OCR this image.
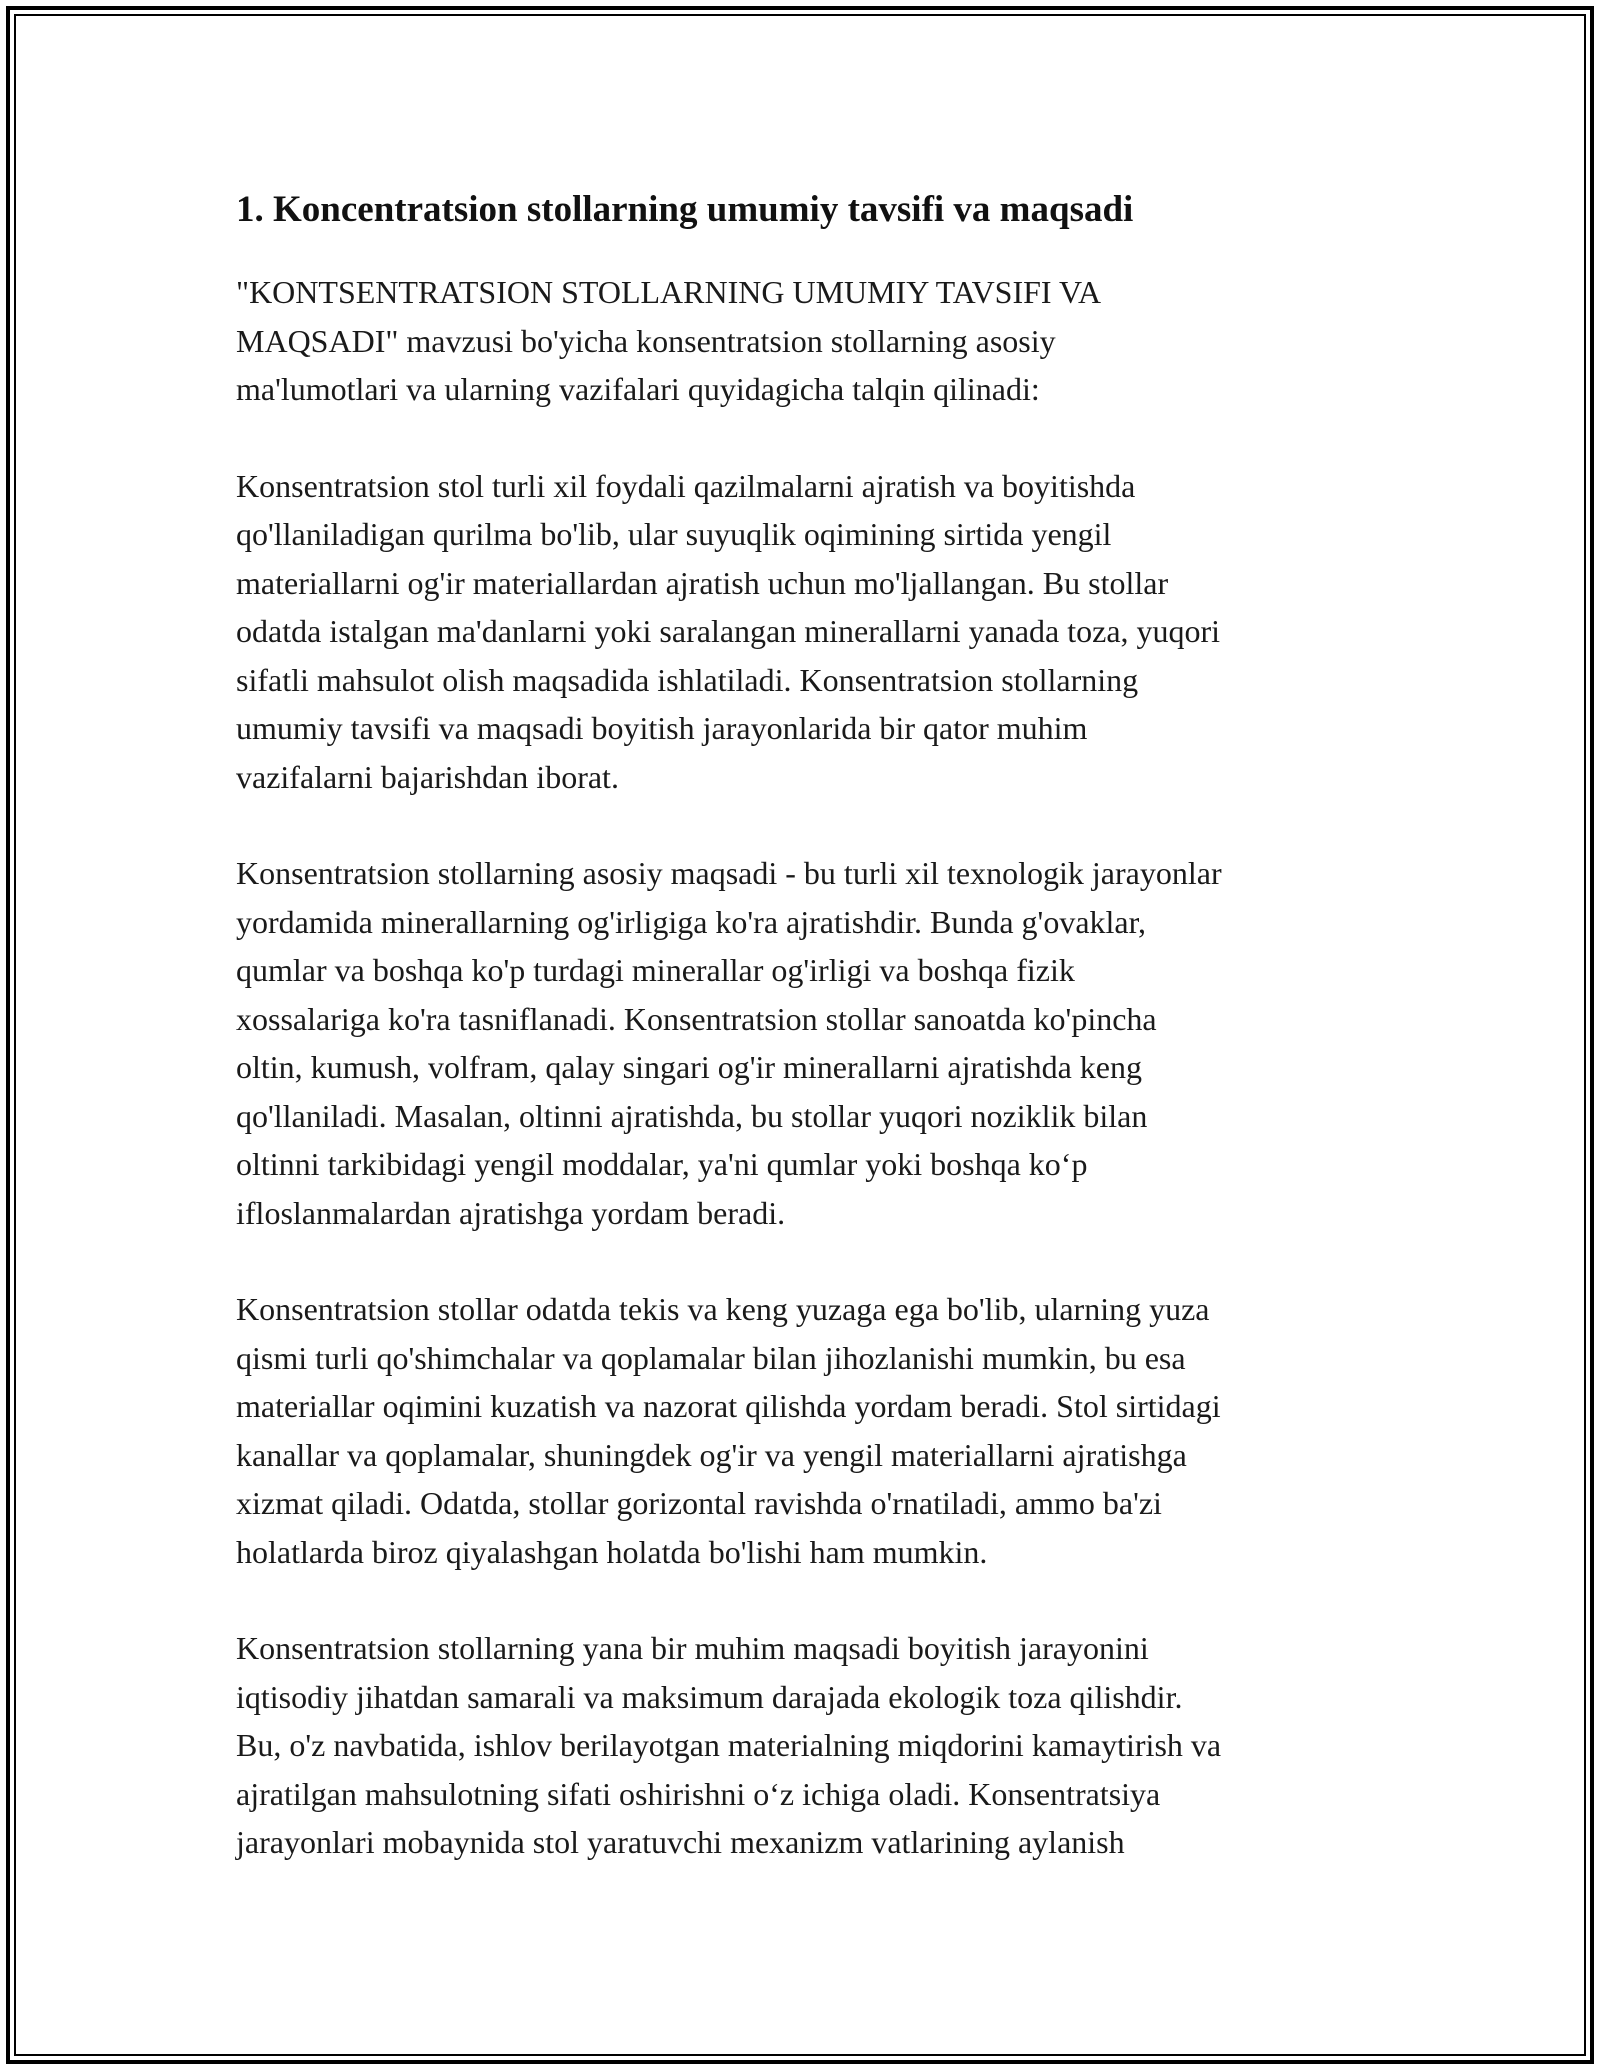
1. Koncentratsion stollarning umumiy tavsifi va maqsadi

"KONTSENTRATSION STOLLARNING UMUMIY TAVSIFI VA
MAQSADI" mavzusi bo'yicha konsentratsion stollarning asosiy
ma'lumotlari va ularning vazifalari quyidagicha talqin qilinadi:

Konsentratsion stol turli xil foydali qazilmalarni ajratish va boyitishda
qo'llaniladigan qurilma bo'lib, ular suyuqlik oqimining sirtida yengil
materiallarni og'ir materiallardan ajratish uchun mo'ljallangan. Bu stollar
odatda istalgan ma'danlarni yoki saralangan minerallarni yanada toza, yuqori
sifatli mahsulot olish maqsadida ishlatiladi. Konsentratsion stollarning
umumiy tavsifi va maqsadi boyitish jarayonlarida bir qator muhim
vazifalarni bajarishdan iborat.

Konsentratsion stollarning asosiy maqsadi - bu turli xil texnologik jarayonlar
yordamida minerallarning og'irligiga ko'ra ajratishdir. Bunda g'ovaklar,
qumlar va boshqa ko'p turdagi minerallar og'irligi va boshqa fizik
xossalariga ko'ra tasniflanadi. Konsentratsion stollar sanoatda ko'pincha
oltin, kumush, volfram, qalay singari og'ir minerallarni ajratishda keng
qo'llaniladi. Masalan, oltinni ajratishda, bu stollar yuqori noziklik bilan
oltinni tarkibidagi yengil moddalar, ya'ni qumlar yoki boshqa ko‘p
ifloslanmalardan ajratishga yordam beradi.

Konsentratsion stollar odatda tekis va keng yuzaga ega bo'lib, ularning yuza
qismi turli qo'shimchalar va qoplamalar bilan jihozlanishi mumkin, bu esa
materiallar oqimini kuzatish va nazorat qilishda yordam beradi. Stol sirtidagi
kanallar va qoplamalar, shuningdek og'ir va yengil materiallarni ajratishga
xizmat qiladi. Odatda, stollar gorizontal ravishda o'rnatiladi, ammo ba'zi
holatlarda biroz qiyalashgan holatda bo'lishi ham mumkin.

Konsentratsion stollarning yana bir muhim maqsadi boyitish jarayonini
iqtisodiy jihatdan samarali va maksimum darajada ekologik toza qilishdir.
Bu, o'z navbatida, ishlov berilayotgan materialning miqdorini kamaytirish va
ajratilgan mahsulotning sifati oshirishni o‘z ichiga oladi. Konsentratsiya
jarayonlari mobaynida stol yaratuvchi mexanizm vatlarining aylanish
